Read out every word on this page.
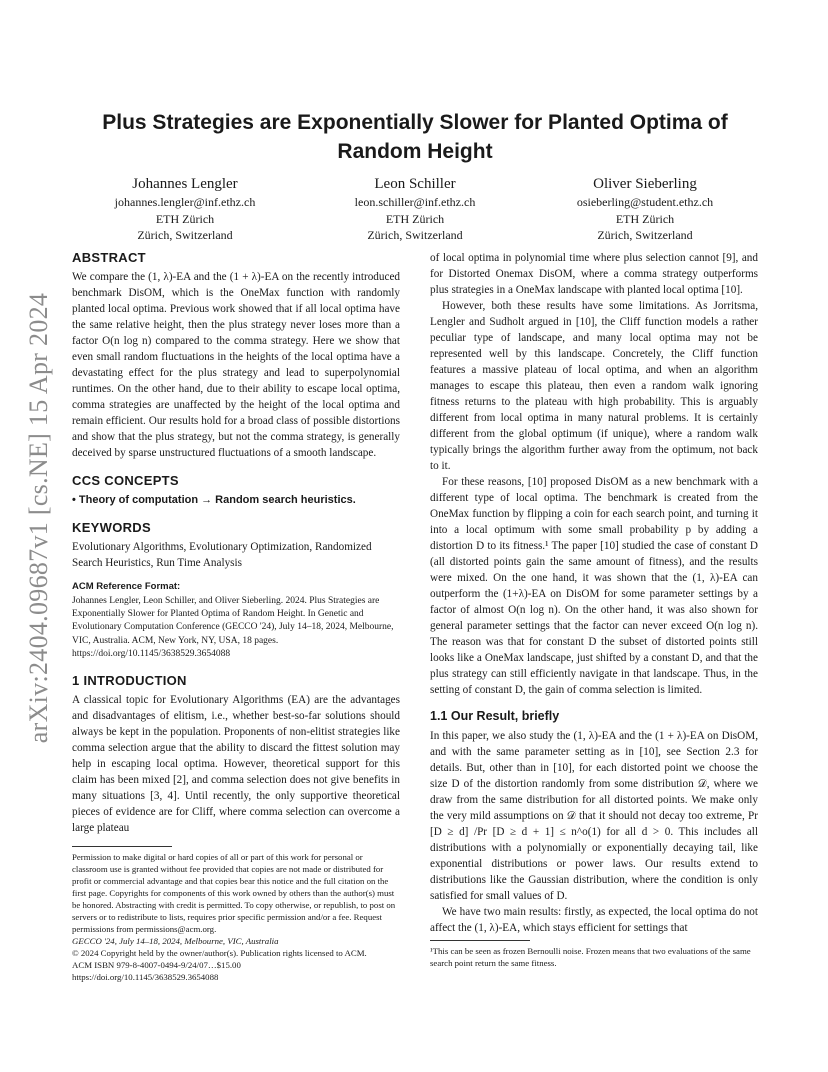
arXiv:2404.09687v1 [cs.NE] 15 Apr 2024
Plus Strategies are Exponentially Slower for Planted Optima of Random Height
Johannes Lengler
johannes.lengler@inf.ethz.ch
ETH Zürich
Zürich, Switzerland
Leon Schiller
leon.schiller@inf.ethz.ch
ETH Zürich
Zürich, Switzerland
Oliver Sieberling
osieberling@student.ethz.ch
ETH Zürich
Zürich, Switzerland
ABSTRACT

We compare the (1, λ)-EA and the (1 + λ)-EA on the recently introduced benchmark DisOM, which is the OneMax function with randomly planted local optima. Previous work showed that if all local optima have the same relative height, then the plus strategy never loses more than a factor O(n log n) compared to the comma strategy. Here we show that even small random fluctuations in the heights of the local optima have a devastating effect for the plus strategy and lead to superpolynomial runtimes. On the other hand, due to their ability to escape local optima, comma strategies are unaffected by the height of the local optima and remain efficient. Our results hold for a broad class of possible distortions and show that the plus strategy, but not the comma strategy, is generally deceived by sparse unstructured fluctuations of a smooth landscape.

CCS CONCEPTS

• Theory of computation → Random search heuristics.

KEYWORDS

Evolutionary Algorithms, Evolutionary Optimization, Randomized Search Heuristics, Run Time Analysis

ACM Reference Format:

Johannes Lengler, Leon Schiller, and Oliver Sieberling. 2024. Plus Strategies are Exponentially Slower for Planted Optima of Random Height. In Genetic and Evolutionary Computation Conference (GECCO '24), July 14–18, 2024, Melbourne, VIC, Australia. ACM, New York, NY, USA, 18 pages. https://doi.org/10.1145/3638529.3654088

1 INTRODUCTION

A classical topic for Evolutionary Algorithms (EA) are the advantages and disadvantages of elitism, i.e., whether best-so-far solutions should always be kept in the population. Proponents of non-elitist strategies like comma selection argue that the ability to discard the fittest solution may help in escaping local optima. However, theoretical support for this claim has been mixed [2], and comma selection does not give benefits in many situations [3, 4]. Until recently, the only supportive theoretical pieces of evidence are for Cliff, where comma selection can overcome a large plateau

Permission to make digital or hard copies of all or part of this work for personal or classroom use is granted without fee provided that copies are not made or distributed for profit or commercial advantage and that copies bear this notice and the full citation on the first page. Copyrights for components of this work owned by others than the author(s) must be honored. Abstracting with credit is permitted. To copy otherwise, or republish, to post on servers or to redistribute to lists, requires prior specific permission and/or a fee. Request permissions from permissions@acm.org.

GECCO '24, July 14–18, 2024, Melbourne, VIC, Australia

© 2024 Copyright held by the owner/author(s). Publication rights licensed to ACM.

ACM ISBN 979-8-4007-0494-9/24/07…$15.00

https://doi.org/10.1145/3638529.3654088

of local optima in polynomial time where plus selection cannot [9], and for Distorted Onemax DisOM, where a comma strategy outperforms plus strategies in a OneMax landscape with planted local optima [10].

However, both these results have some limitations. As Jorritsma, Lengler and Sudholt argued in [10], the Cliff function models a rather peculiar type of landscape, and many local optima may not be represented well by this landscape. Concretely, the Cliff function features a massive plateau of local optima, and when an algorithm manages to escape this plateau, then even a random walk ignoring fitness returns to the plateau with high probability. This is arguably different from local optima in many natural problems. It is certainly different from the global optimum (if unique), where a random walk typically brings the algorithm further away from the optimum, not back to it.

For these reasons, [10] proposed DisOM as a new benchmark with a different type of local optima. The benchmark is created from the OneMax function by flipping a coin for each search point, and turning it into a local optimum with some small probability p by adding a distortion D to its fitness.¹ The paper [10] studied the case of constant D (all distorted points gain the same amount of fitness), and the results were mixed. On the one hand, it was shown that the (1, λ)-EA can outperform the (1+λ)-EA on DisOM for some parameter settings by a factor of almost O(n log n). On the other hand, it was also shown for general parameter settings that the factor can never exceed O(n log n). The reason was that for constant D the subset of distorted points still looks like a OneMax landscape, just shifted by a constant D, and that the plus strategy can still efficiently navigate in that landscape. Thus, in the setting of constant D, the gain of comma selection is limited.

1.1 Our Result, briefly

In this paper, we also study the (1, λ)-EA and the (1 + λ)-EA on DisOM, and with the same parameter setting as in [10], see Section 2.3 for details. But, other than in [10], for each distorted point we choose the size D of the distortion randomly from some distribution 𝒟, where we draw from the same distribution for all distorted points. We make only the very mild assumptions on 𝒟 that it should not decay too extreme, Pr [D ≥ d] /Pr [D ≥ d + 1] ≤ n^o(1) for all d > 0. This includes all distributions with a polynomially or exponentially decaying tail, like exponential distributions or power laws. Our results extend to distributions like the Gaussian distribution, where the condition is only satisfied for small values of D.

We have two main results: firstly, as expected, the local optima do not affect the (1, λ)-EA, which stays efficient for settings that

¹This can be seen as frozen Bernoulli noise. Frozen means that two evaluations of the same search point return the same fitness.
